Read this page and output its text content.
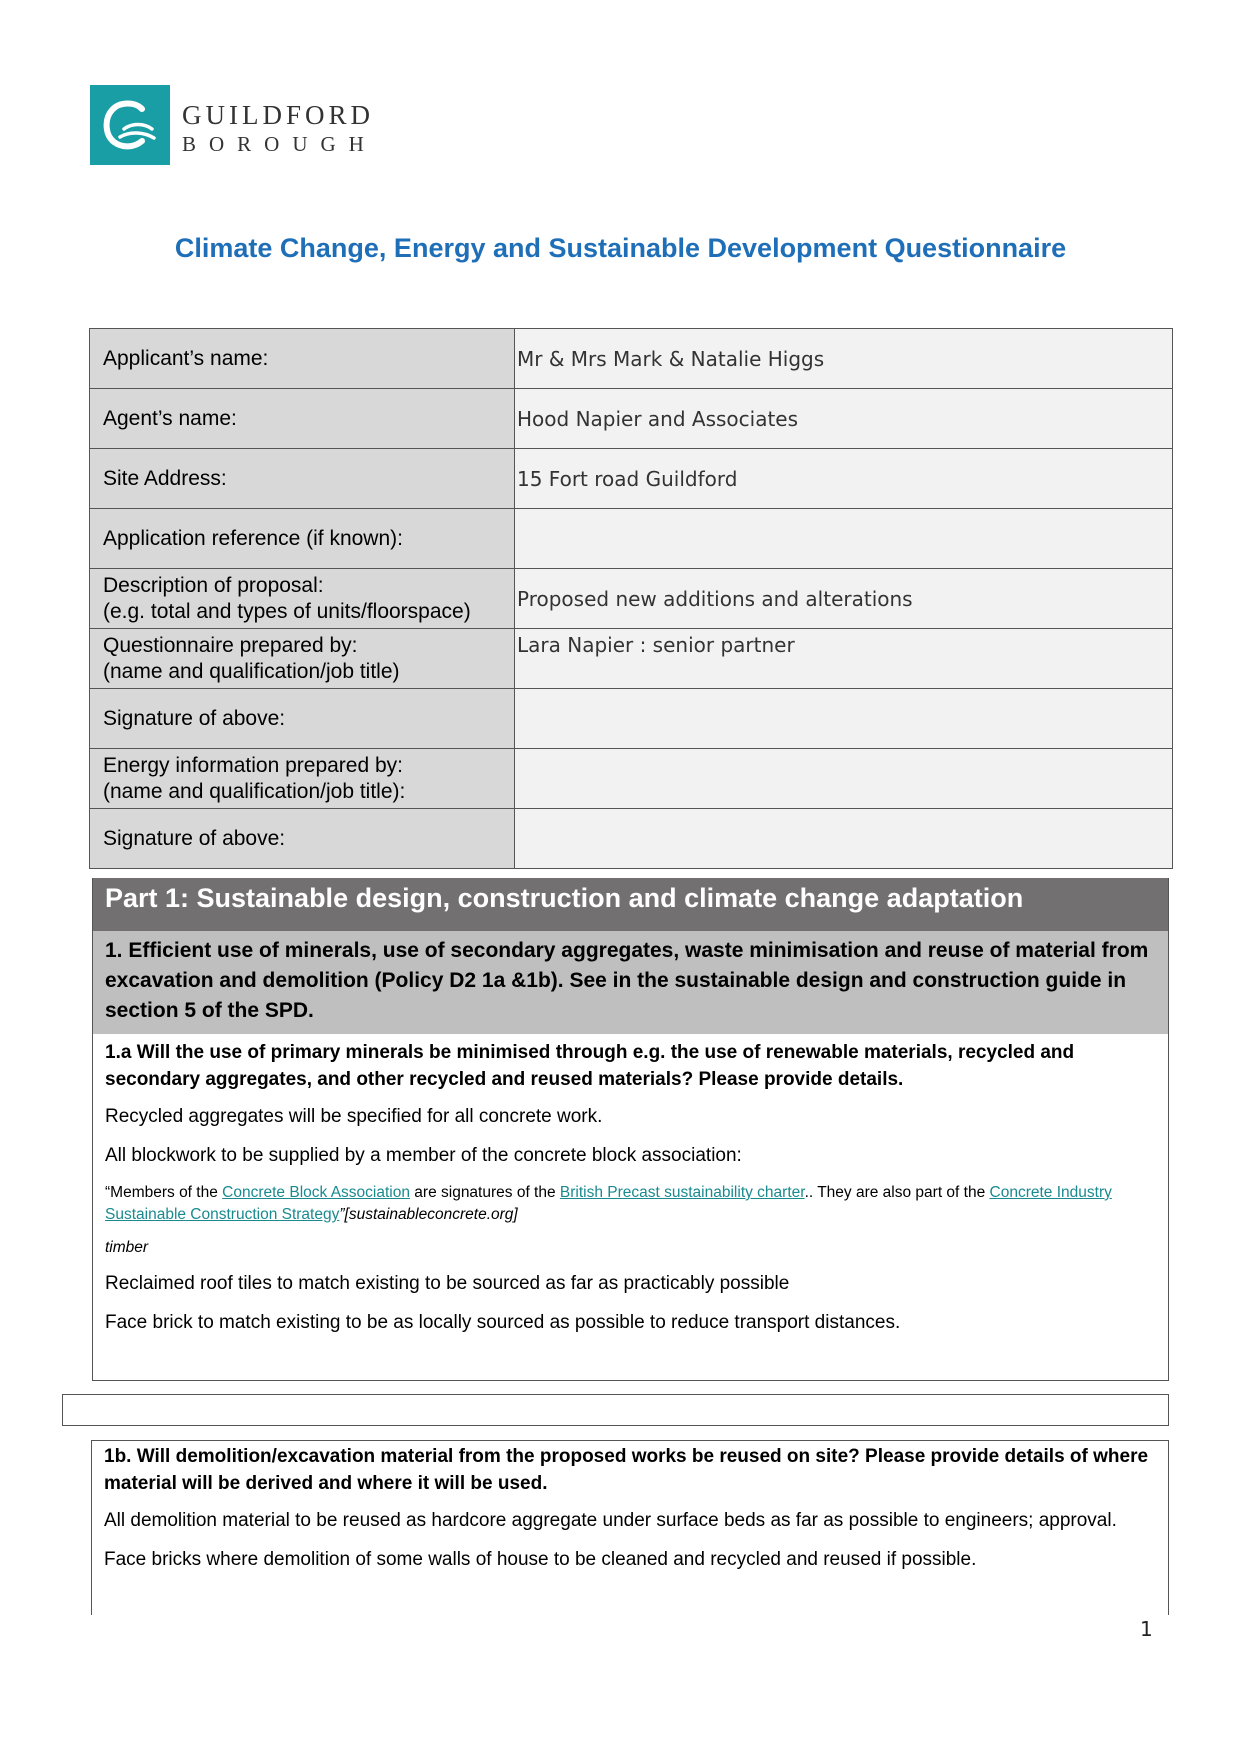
GUILDFORD
BOROUGH
Climate Change, Energy and Sustainable Development Questionnaire
Applicant’s name:	Mr & Mrs Mark & Natalie Higgs
Agent’s name:	Hood Napier and Associates
Site Address:	15 Fort road Guildford
Application reference (if known):	

Description of proposal:
(e.g. total and types of units/floorspace)	Proposed new additions and alterations

Questionnaire prepared by:
(name and qualification/job title)	Lara Napier : senior partner
Signature of above:	

Energy information prepared by:
(name and qualification/job title):	

Signature of above:	
Part 1: Sustainable design, construction and climate change adaptation
1. Efficient use of minerals, use of secondary aggregates, waste minimisation and reuse of material from excavation and demolition (Policy D2 1a &1b). See in the sustainable design and construction guide in section 5 of the SPD.
1.a Will the use of primary minerals be minimised through e.g. the use of renewable materials, recycled and secondary aggregates, and other recycled and reused materials? Please provide details.
Recycled aggregates will be specified for all concrete work.
All blockwork to be supplied by a member of the concrete block association:
“Members of the Concrete Block Association are signatures of the British Precast sustainability charter.. They are also part of the Concrete Industry Sustainable Construction Strategy”[sustainableconcrete.org]
timber
Reclaimed roof tiles to match existing to be sourced as far as practicably possible
Face brick to match existing to be as locally sourced as possible to reduce transport distances.
1b. Will demolition/excavation material from the proposed works be reused on site? Please provide details of where material will be derived and where it will be used.
All demolition material to be reused as hardcore aggregate under surface beds as far as possible to engineers; approval.
Face bricks where demolition of some walls of house to be cleaned and recycled and reused if possible.
1
